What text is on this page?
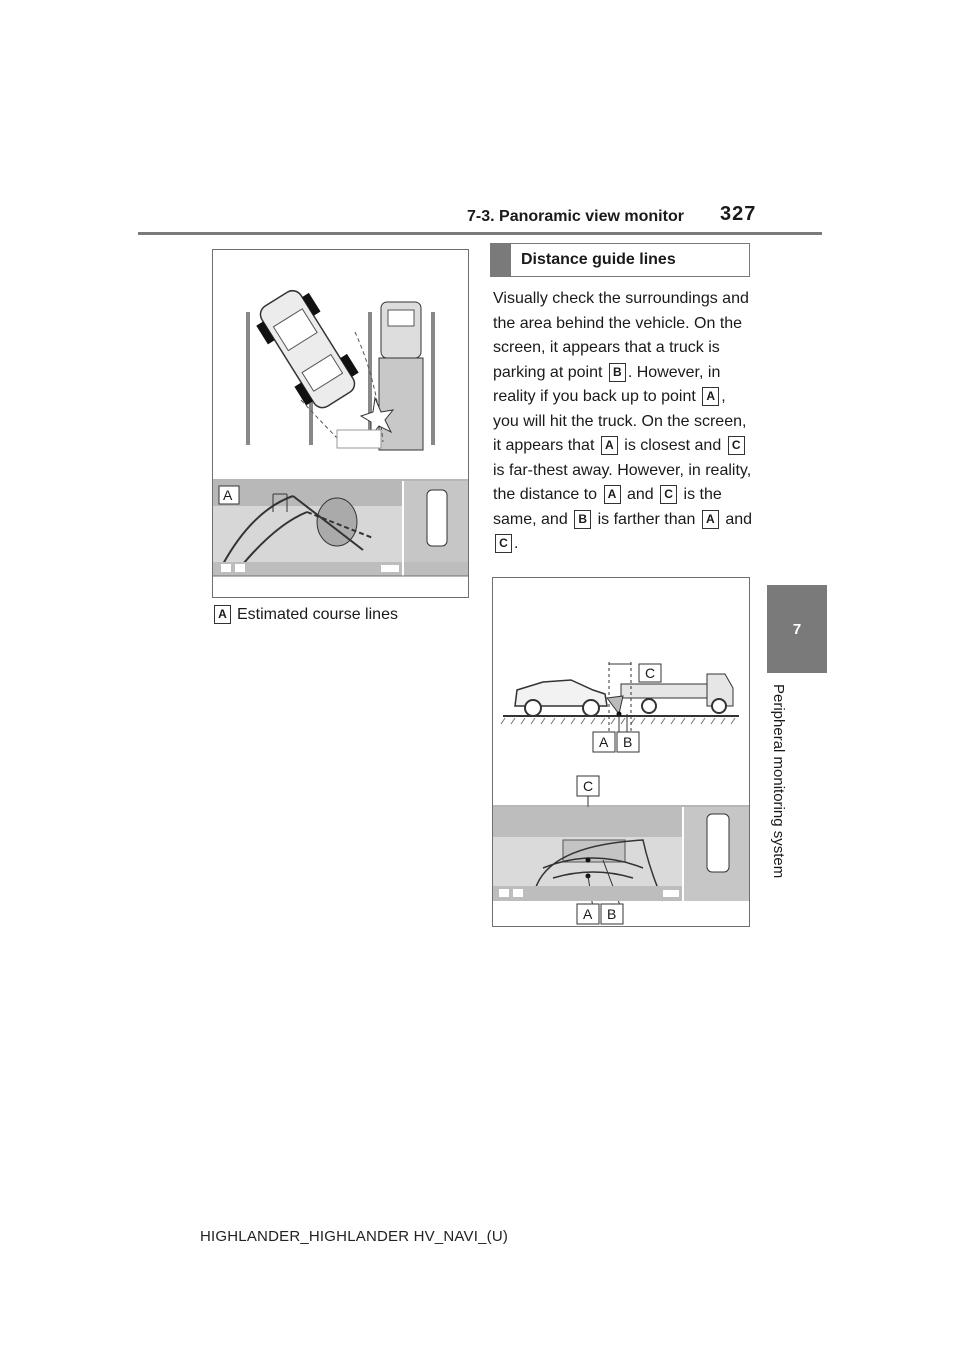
7-3. Panoramic view monitor 327
7
Peripheral monitoring system
A
A Estimated course lines
Distance guide lines
Visually check the surroundings and the area behind the vehicle. On the screen, it appears that a truck is parking at point B . However, in reality if you back up to point A , you will hit the truck. On the screen, it appears that A is closest and C is far-thest away. However, in reality, the distance to A and C is the same, and B is farther than A and C .
C
A B
C
A B
HIGHLANDER_HIGHLANDER HV_NAVI_(U)
